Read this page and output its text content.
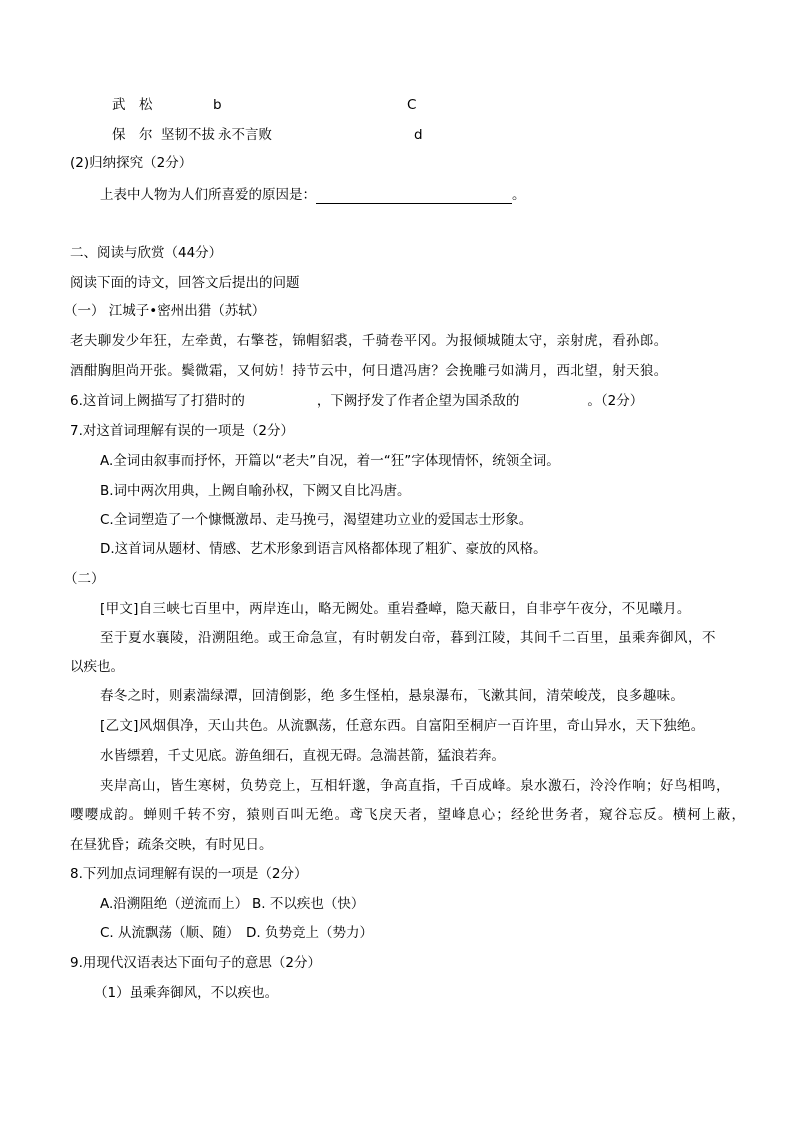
武　松	b	C
保　尔 坚韧不拔 永不言败	d
(2)归纳探究（2分）
上表中人物为人们所喜爱的原因是：	。
二、阅读与欣赏（44分）
阅读下面的诗文，回答文后提出的问题
（一） 江城子•密州出猎（苏轼）
老夫聊发少年狂，左牵黄，右擎苍，锦帽貂裘，千骑卷平冈。为报倾城随太守，亲射虎，看孙郎。
酒酣胸胆尚开张。鬓微霜，又何妨！持节云中，何日遣冯唐？会挽雕弓如满月，西北望，射天狼。
6.这首词上阙描写了打猎时的	，下阙抒发了作者企望为国杀敌的	。（2分）
7.对这首词理解有误的一项是（2分）
A.全词由叙事而抒怀，开篇以“老夫”自况，着一“狂”字体现情怀，统领全词。
B.词中两次用典，上阙自喻孙权，下阙又自比冯唐。
C.全词塑造了一个慷慨激昂、走马挽弓，渴望建功立业的爱国志士形象。
D.这首词从题材、情感、艺术形象到语言风格都体现了粗犷、豪放的风格。
（二）
[甲文]自三峡七百里中，两岸连山，略无阙处。重岩叠嶂，隐天蔽日，自非亭午夜分，不见曦月。
至于夏水襄陵，沿溯阻绝。或王命急宣，有时朝发白帝，暮到江陵，其间千二百里，虽乘奔御风，不
以疾也。
春冬之时，则素湍绿潭，回清倒影，绝 多生怪柏，悬泉瀑布，飞漱其间，清荣峻茂，良多趣味。
[乙文]风烟俱净，天山共色。从流飘荡，任意东西。自富阳至桐庐一百许里，奇山异水，天下独绝。
水皆缥碧，千丈见底。游鱼细石，直视无碍。急湍甚箭，猛浪若奔。
夹岸高山，皆生寒树，负势竞上，互相轩邈，争高直指，千百成峰。泉水激石，泠泠作响；好鸟相鸣，
嘤嘤成韵。蝉则千转不穷，猿则百叫无绝。鸢飞戾天者，望峰息心；经纶世务者，窥谷忘反。横柯上蔽，
在昼犹昏；疏条交映，有时见日。
8.下列加点词理解有误的一项是（2分）
A.沿溯阻绝（逆流而上） B. 不以疾也（快）
C. 从流飘荡（顺、随） D. 负势竞上（势力）
9.用现代汉语表达下面句子的意思（2分）
（1）虽乘奔御风，不以疾也。
